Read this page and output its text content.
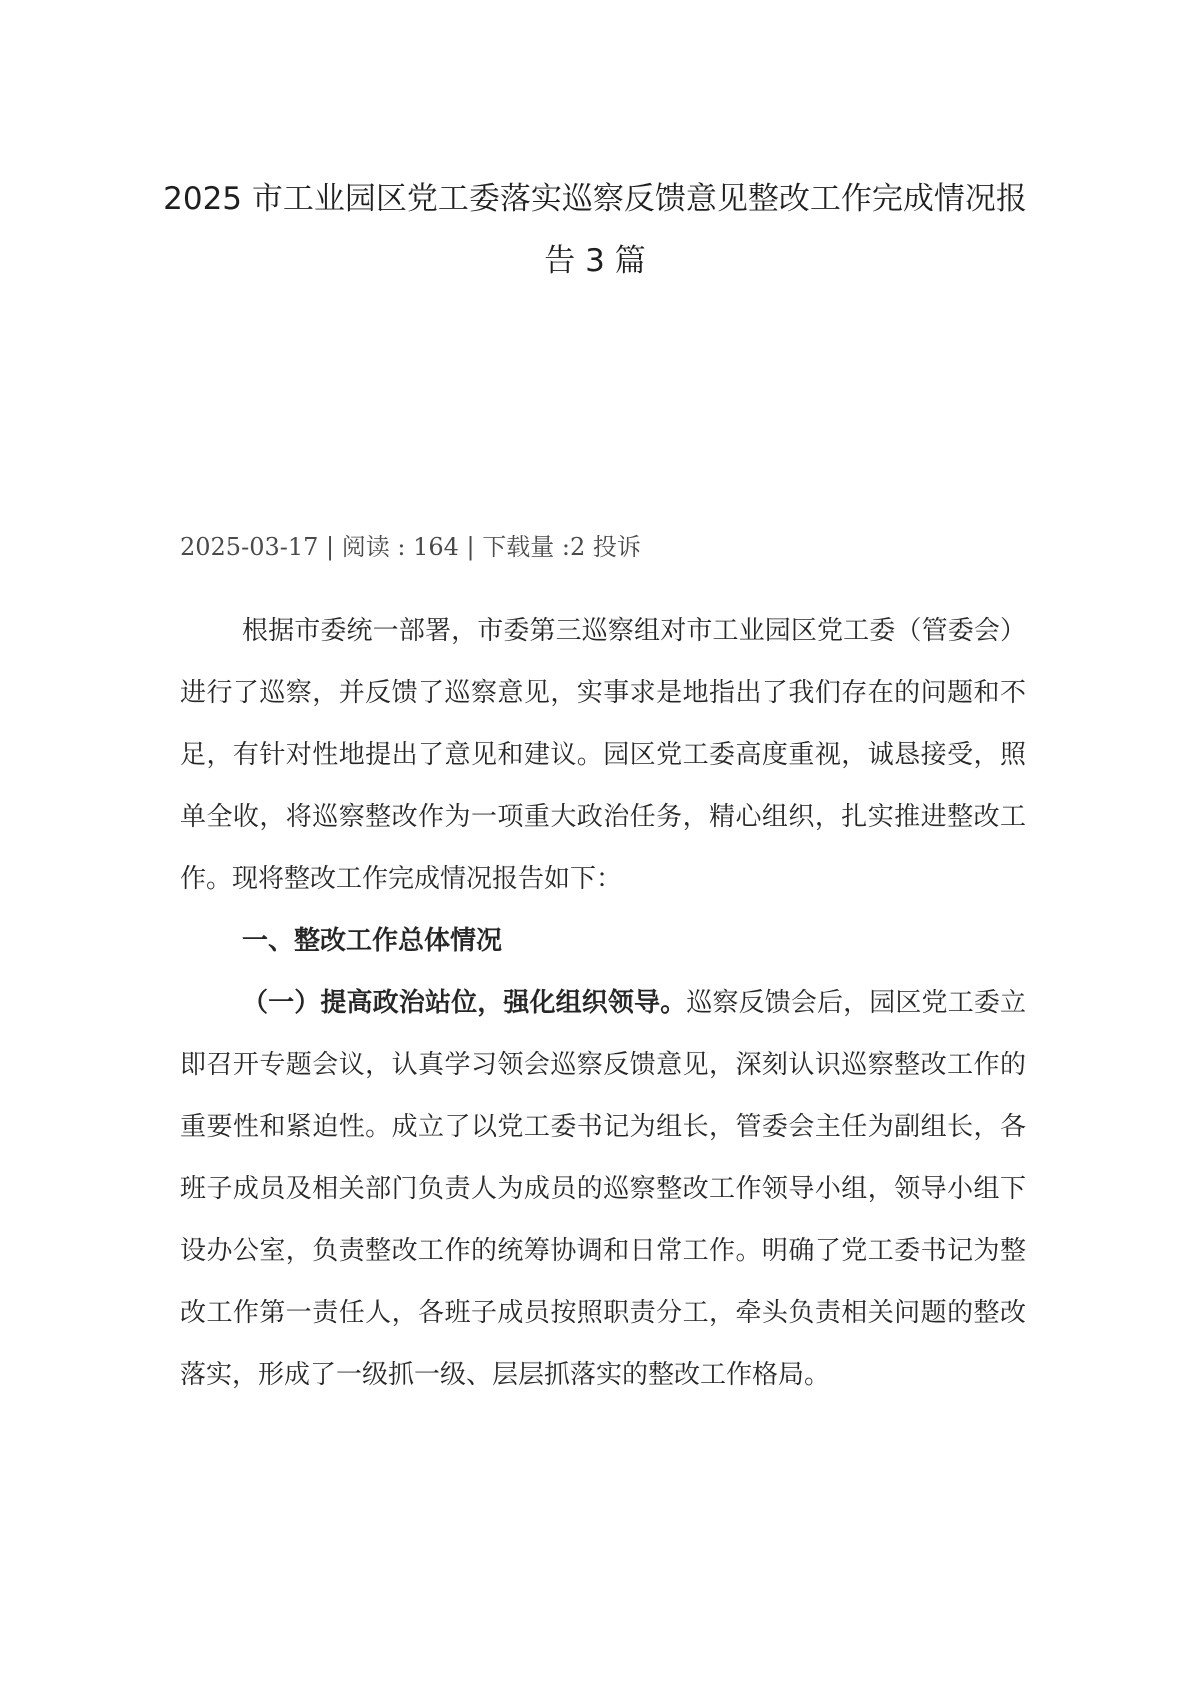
2025 市工业园区党工委落实巡察反馈意见整改工作完成情况报告 3 篇
2025-03-17 | 阅读 : 164 | 下载量 :2 投诉

根据市委统一部署，市委第三巡察组对市工业园区党工委（管委会）进行了巡察，并反馈了巡察意见，实事求是地指出了我们存在的问题和不足，有针对性地提出了意见和建议。园区党工委高度重视，诚恳接受，照单全收，将巡察整改作为一项重大政治任务，精心组织，扎实推进整改工作。现将整改工作完成情况报告如下：

一、整改工作总体情况

（一）提高政治站位，强化组织领导。巡察反馈会后，园区党工委立即召开专题会议，认真学习领会巡察反馈意见，深刻认识巡察整改工作的重要性和紧迫性。成立了以党工委书记为组长，管委会主任为副组长，各班子成员及相关部门负责人为成员的巡察整改工作领导小组，领导小组下设办公室，负责整改工作的统筹协调和日常工作。明确了党工委书记为整改工作第一责任人，各班子成员按照职责分工，牵头负责相关问题的整改落实，形成了一级抓一级、层层抓落实的整改工作格局。
